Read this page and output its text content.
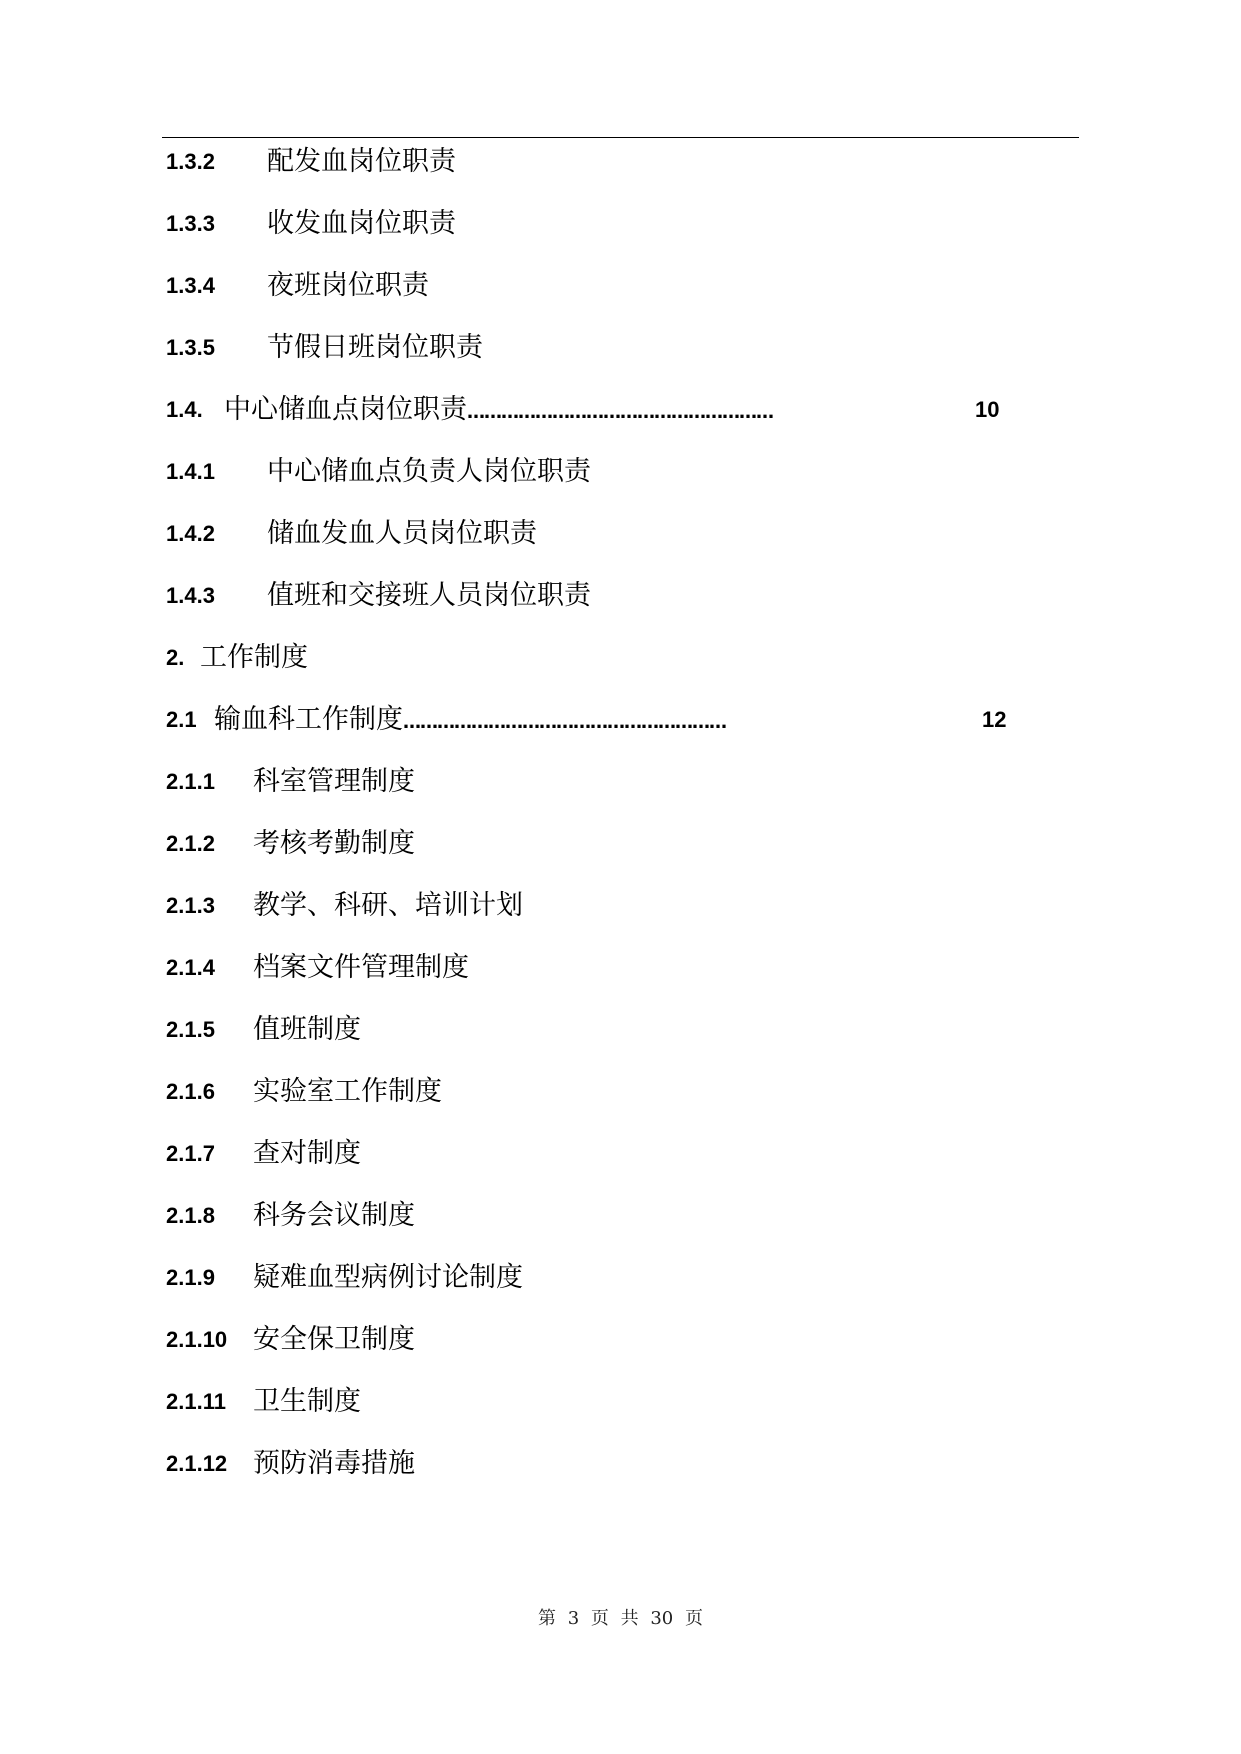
1.3.2 配发血岗位职责
1.3.3 收发血岗位职责
1.3.4 夜班岗位职责
1.3.5 节假日班岗位职责
1.4. 中心储血点岗位职责………………………………………………	10
1.4.1 中心储血点负责人岗位职责
1.4.2 储血发血人员岗位职责
1.4.3 值班和交接班人员岗位职责
2. 工作制度
2.1 输血科工作制度…………………………………………………	12
2.1.1 科室管理制度
2.1.2 考核考勤制度
2.1.3 教学、科研、培训计划
2.1.4 档案文件管理制度
2.1.5 值班制度
2.1.6 实验室工作制度
2.1.7 查对制度
2.1.8 科务会议制度
2.1.9 疑难血型病例讨论制度
2.1.10 安全保卫制度
2.1.11 卫生制度
2.1.12 预防消毒措施
第 3 页 共 30 页
